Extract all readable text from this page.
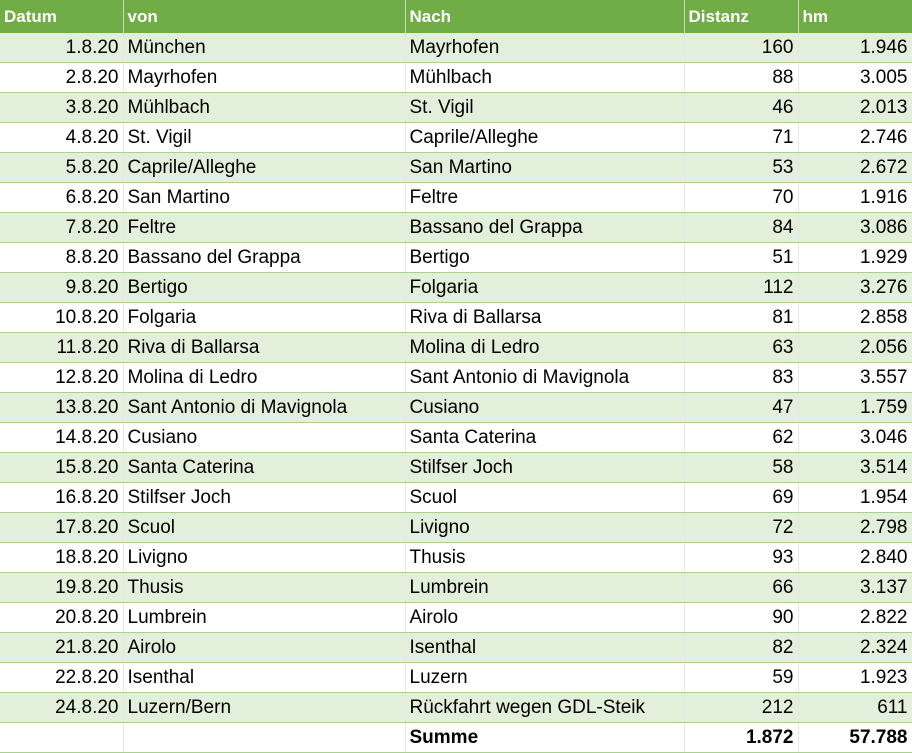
Datum	von	Nach	Distanz	hm
1.8.20	München	Mayrhofen	160	1.946
2.8.20	Mayrhofen	Mühlbach	88	3.005
3.8.20	Mühlbach	St. Vigil	46	2.013
4.8.20	St. Vigil	Caprile/Alleghe	71	2.746
5.8.20	Caprile/Alleghe	San Martino	53	2.672
6.8.20	San Martino	Feltre	70	1.916
7.8.20	Feltre	Bassano del Grappa	84	3.086
8.8.20	Bassano del Grappa	Bertigo	51	1.929
9.8.20	Bertigo	Folgaria	112	3.276
10.8.20	Folgaria	Riva di Ballarsa	81	2.858
11.8.20	Riva di Ballarsa	Molina di Ledro	63	2.056
12.8.20	Molina di Ledro	Sant Antonio di Mavignola	83	3.557
13.8.20	Sant Antonio di Mavignola	Cusiano	47	1.759
14.8.20	Cusiano	Santa Caterina	62	3.046
15.8.20	Santa Caterina	Stilfser Joch	58	3.514
16.8.20	Stilfser Joch	Scuol	69	1.954
17.8.20	Scuol	Livigno	72	2.798
18.8.20	Livigno	Thusis	93	2.840
19.8.20	Thusis	Lumbrein	66	3.137
20.8.20	Lumbrein	Airolo	90	2.822
21.8.20	Airolo	Isenthal	82	2.324
22.8.20	Isenthal	Luzern	59	1.923
24.8.20	Luzern/Bern	Rückfahrt wegen GDL-Steik	212	611
		Summe	1.872	57.788
